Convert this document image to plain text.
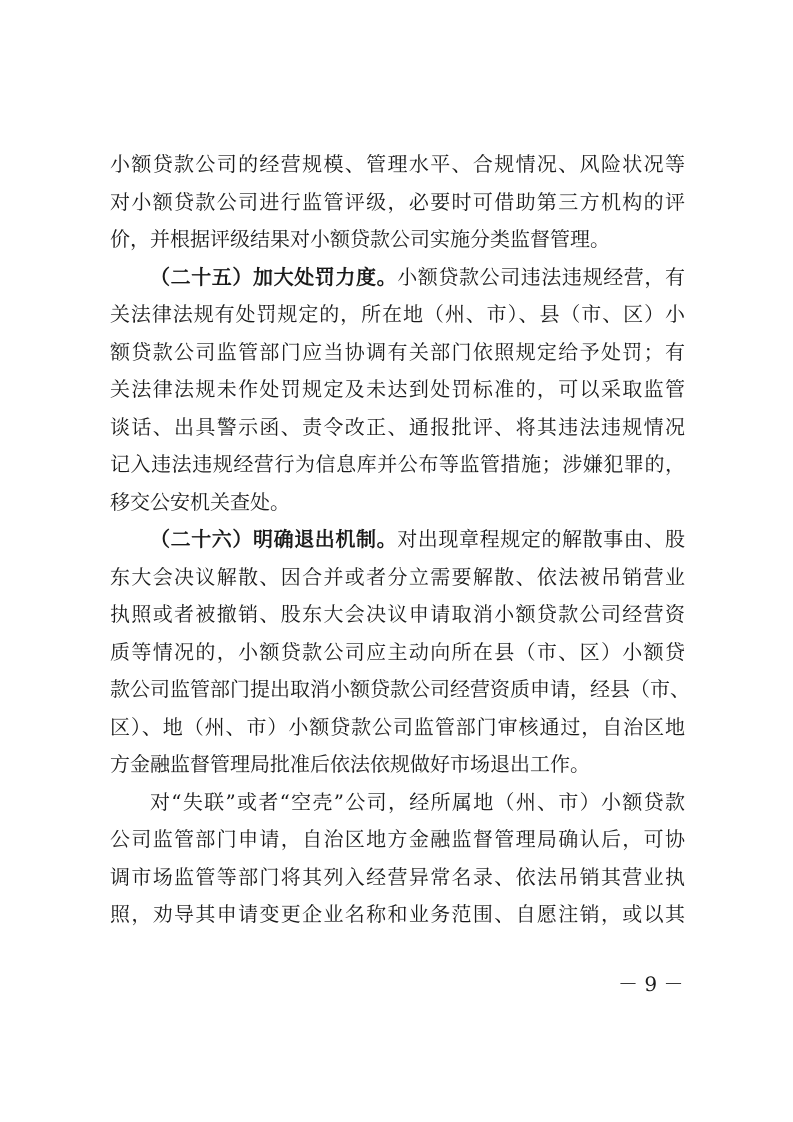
小额贷款公司的经营规模、管理水平、合规情况、风险状况等
对小额贷款公司进行监管评级，必要时可借助第三方机构的评
价，并根据评级结果对小额贷款公司实施分类监督管理。
（二十五）加大处罚力度。小额贷款公司违法违规经营，有
关法律法规有处罚规定的，所在地（州、市）、县（市、区）小
额贷款公司监管部门应当协调有关部门依照规定给予处罚；有
关法律法规未作处罚规定及未达到处罚标准的，可以采取监管
谈话、出具警示函、责令改正、通报批评、将其违法违规情况
记入违法违规经营行为信息库并公布等监管措施；涉嫌犯罪的，
移交公安机关查处。
（二十六）明确退出机制。对出现章程规定的解散事由、股
东大会决议解散、因合并或者分立需要解散、依法被吊销营业
执照或者被撤销、股东大会决议申请取消小额贷款公司经营资
质等情况的，小额贷款公司应主动向所在县（市、区）小额贷
款公司监管部门提出取消小额贷款公司经营资质申请，经县（市、
区）、地（州、市）小额贷款公司监管部门审核通过，自治区地
方金融监督管理局批准后依法依规做好市场退出工作。
对“失联”或者“空壳”公司，经所属地（州、市）小额贷款
公司监管部门申请，自治区地方金融监督管理局确认后，可协
调市场监管等部门将其列入经营异常名录、依法吊销其营业执
照，劝导其申请变更企业名称和业务范围、自愿注销，或以其
－ 9 －
